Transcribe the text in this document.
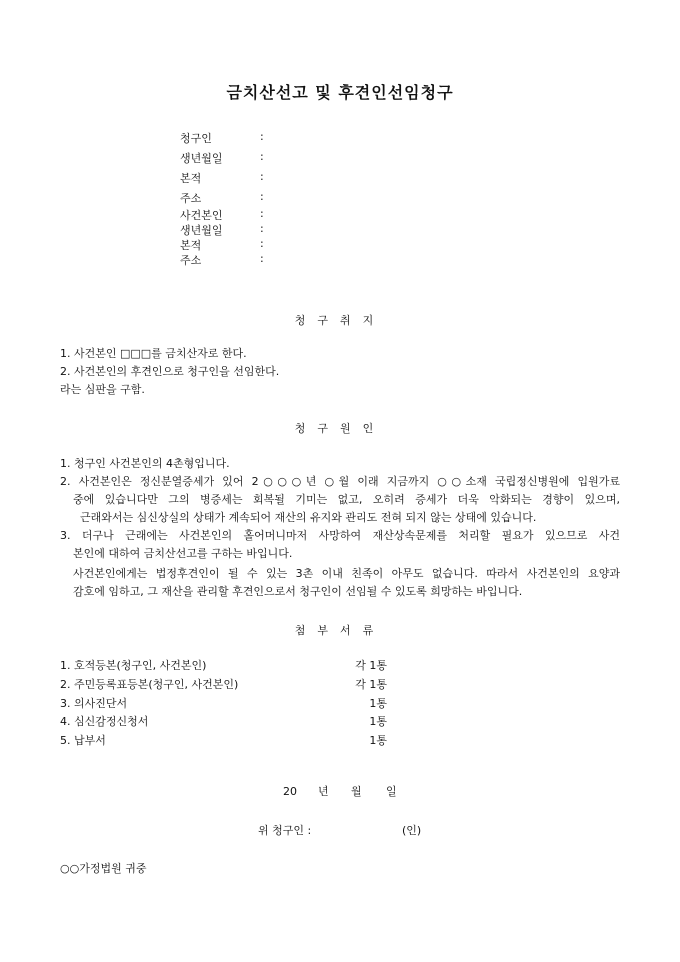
금치산선고 및 후견인선임청구
청구인	:
생년월일	:
본적	:
주소	:
사건본인	:
생년월일	:
본적	:
주소	:
청구취지
1. 사건본인 □□□를 금치산자로 한다.
2. 사건본인의 후견인으로 청구인을 선임한다.
라는 심판을 구함.
청구원인
1. 청구인 사건본인의 4촌형입니다.
2. 사건본인은 정신분열증세가 있어 2○○○년 ○월 이래 지금까지 ○○소재 국립정신병원에 입원가료
중에 있습니다만 그의 병증세는 회복될 기미는 없고, 오히려 증세가 더욱 악화되는 경향이 있으며,
근래와서는 심신상실의 상태가 계속되어 재산의 유지와 관리도 전혀 되지 않는 상태에 있습니다.
3. 더구나 근래에는 사건본인의 홀어머니마저 사망하여 재산상속문제를 처리할 필요가 있으므로 사건
본인에 대하여 금치산선고를 구하는 바입니다.
사건본인에게는 법정후견인이 될 수 있는 3촌 이내 친족이 아무도 없습니다. 따라서 사건본인의 요양과
감호에 임하고, 그 재산을 관리할 후견인으로서 청구인이 선임될 수 있도록 희망하는 바입니다.
첨부서류
1. 호적등본(청구인, 사건본인)	각 1통
2. 주민등록표등본(청구인, 사건본인)	각 1통
3. 의사진단서	1통
4. 심신감정신청서	1통
5. 납부서	1통
20 년 월 일
위 청구인 :	(인)
○○가정법원 귀중
